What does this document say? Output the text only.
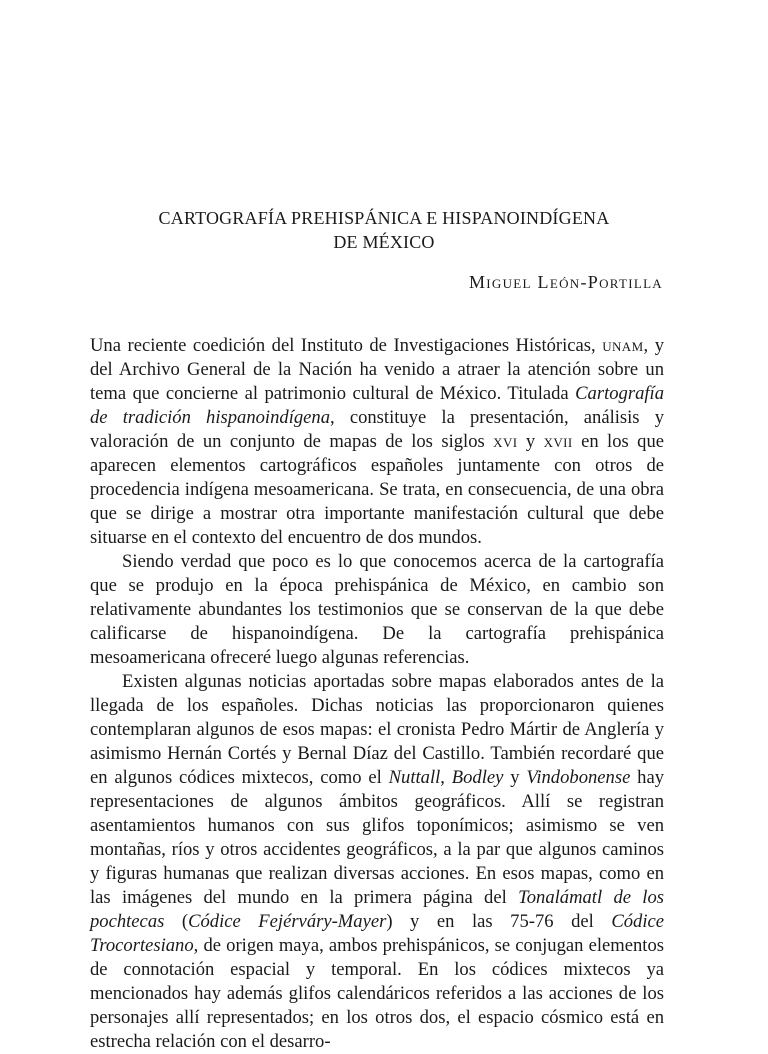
CARTOGRAFÍA PREHISPÁNICA E HISPANOINDÍGENA
DE MÉXICO
Miguel León-Portilla

Una reciente coedición del Instituto de Investigaciones Históricas, unam, y del Archivo General de la Nación ha venido a atraer la atención sobre un tema que concierne al patrimonio cultural de México. Titulada Cartografía de tradición hispanoindígena, constituye la presentación, análisis y valoración de un conjunto de mapas de los siglos xvi y xvii en los que aparecen elementos cartográficos españoles juntamente con otros de procedencia indígena mesoamericana. Se trata, en consecuencia, de una obra que se dirige a mostrar otra importante manifestación cultural que debe situarse en el contexto del encuentro de dos mundos.

Siendo verdad que poco es lo que conocemos acerca de la cartografía que se produjo en la época prehispánica de México, en cambio son relativamente abundantes los testimonios que se conservan de la que debe calificarse de hispanoindígena. De la cartografía prehispánica mesoamericana ofreceré luego algunas referencias.

Existen algunas noticias aportadas sobre mapas elaborados antes de la llegada de los españoles. Dichas noticias las proporcionaron quienes contemplaran algunos de esos mapas: el cronista Pedro Mártir de Anglería y asimismo Hernán Cortés y Bernal Díaz del Castillo. También recordaré que en algunos códices mixtecos, como el Nuttall, Bodley y Vindobonense hay representaciones de algunos ámbitos geográficos. Allí se registran asentamientos humanos con sus glifos toponímicos; asimismo se ven montañas, ríos y otros accidentes geográficos, a la par que algunos caminos y figuras humanas que realizan diversas acciones. En esos mapas, como en las imágenes del mundo en la primera página del Tonalámatl de los pochtecas (Códice Fejérváry-Mayer) y en las 75-76 del Códice Trocortesiano, de origen maya, ambos prehispánicos, se conjugan elementos de connotación espacial y temporal. En los códices mixtecos ya mencionados hay además glifos calendáricos referidos a las acciones de los personajes allí representados; en los otros dos, el espacio cósmico está en estrecha relación con el desarro-
